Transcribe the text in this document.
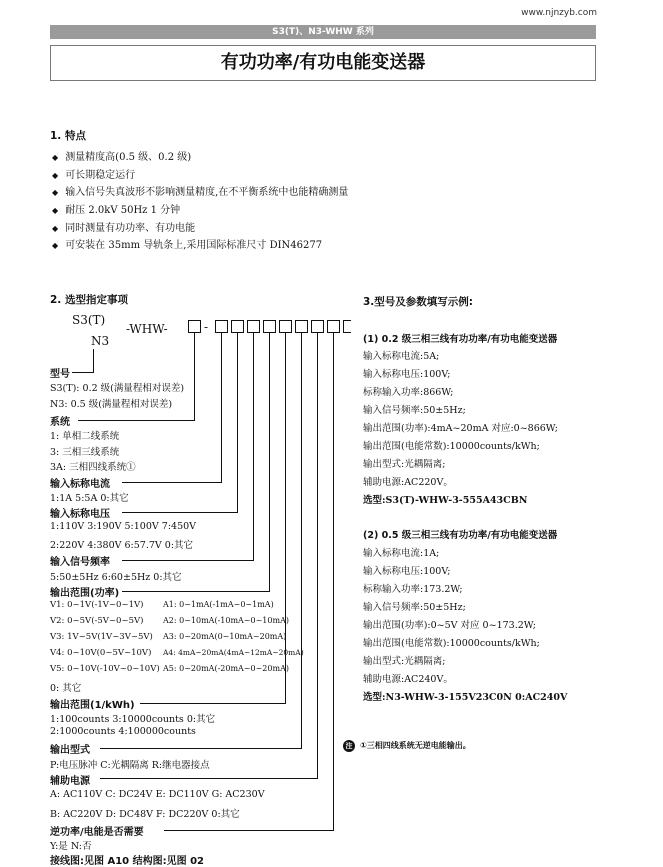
www.njnzyb.com
S3(T)、N3-WHW 系列
有功功率/有功电能变送器
1. 特点
◆ 测量精度高(0.5 级、0.2 级)
◆ 可长期稳定运行
◆ 输入信号失真波形不影响测量精度,在不平衡系统中也能精确测量
◆ 耐压 2.0kV 50Hz 1 分钟
◆ 同时测量有功功率、有功电能
◆ 可安装在 35mm 导轨条上,采用国际标准尺寸 DIN46277
2. 选型指定事项
S3(T)
N3
-WHW-	-
型号
S3(T): 0.2 级(满量程相对误差)
N3: 0.5 级(满量程相对误差)
系统
1: 单相二线系统
3: 三相三线系统
3A: 三相四线系统①
输入标称电流
1:1A 5:5A 0:其它
输入标称电压
1:110V 3:190V 5:100V 7:450V
2:220V 4:380V 6:57.7V 0:其它
输入信号频率
5:50±5Hz 6:60±5Hz 0:其它
输出范围(功率)
V1: 0~1V(-1V~0~1V)
V2: 0~5V(-5V~0~5V)
V3: 1V~5V(1V~3V~5V)
V4: 0~10V(0~5V~10V)
V5: 0~10V(-10V~0~10V)
0: 其它
A1: 0~1mA(-1mA~0~1mA)
A2: 0~10mA(-10mA~0~10mA)
A3: 0~20mA(0~10mA~20mA)
A4: 4mA~20mA(4mA~12mA~20mA)
A5: 0~20mA(-20mA~0~20mA)
输出范围(1/kWh)
1:100counts 3:10000counts 0:其它
2:1000counts 4:100000counts
输出型式
P:电压脉冲 C:光耦隔离 R:继电器接点
辅助电源
A: AC110V C: DC24V E: DC110V G: AC230V
B: AC220V D: DC48V F: DC220V 0:其它
逆功率/电能是否需要
Y:是 N:否
接线图:见图 A10 结构图:见图 02
3.型号及参数填写示例:
(1) 0.2 级三相三线有功功率/有功电能变送器
输入标称电流:5A;
输入标称电压:100V;
标称输入功率:866W;
输入信号频率:50±5Hz;
输出范围(功率):4mA~20mA 对应:0~866W;
输出范围(电能常数):10000counts/kWh;
输出型式:光耦隔离;
辅助电源:AC220V。
选型:S3(T)-WHW-3-555A43CBN
(2) 0.5 级三相三线有功功率/有功电能变送器
输入标称电流:1A;
输入标称电压:100V;
标称输入功率:173.2W;
输入信号频率:50±5Hz;
输出范围(功率):0~5V 对应 0~173.2W;
输出范围(电能常数):10000counts/kWh;
输出型式:光耦隔离;
辅助电源:AC240V。
选型:N3-WHW-3-155V23C0N 0:AC240V
注 ①三相四线系统无逆电能输出。
